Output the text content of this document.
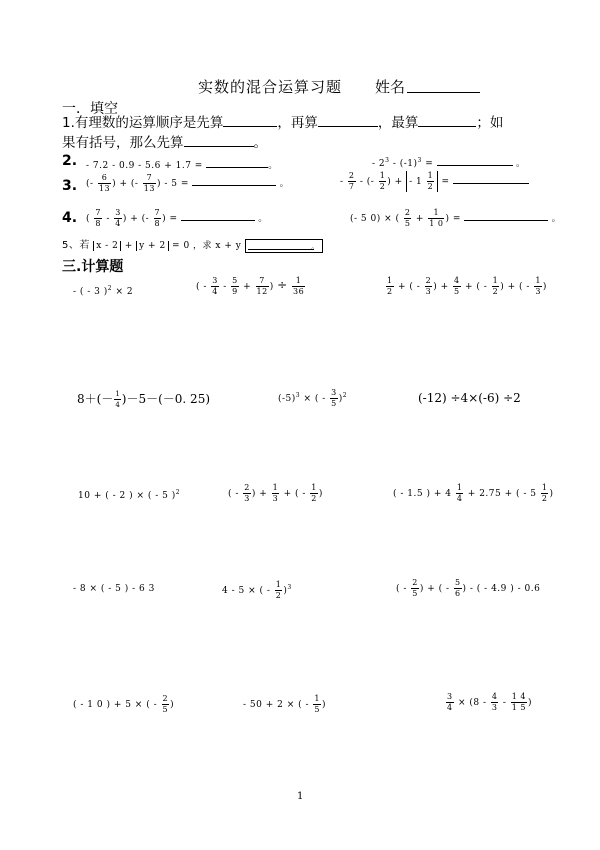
实数的混合运算习题 姓名
一．填空
1.有理数的运算顺序是先算	，再算	，最算	；如
果有括号，那么先算	。
2. - 7.2 - 0.9 - 5.6 + 1.7 =	。	- $2^3 - (-1)^3$ =	。
3. (- $\frac{6}{13}$ ) + (- $\frac{7}{13}$ ) - 5 =	。	- $\frac{2}{7}$ - (- $\frac{1}{2}$ ) + - $1 \frac{1}{2}$ =
4. ( $\frac{7}{8} - \frac{3}{4}$ ) + (- $\frac{7}{8}$ ) =	。	(- 5 0) × ( $\frac{2}{5} + \frac{1}{1 0}$ ) =	。
5、若 x - 2 + y + 2 = 0 ，求 x + y	。
三.计算题
- ( - 3 )$^2$ × 2	( - $\frac{3}{4} - \frac{5}{9} + \frac{7}{12}$ ) ÷ $\frac{1}{36}$	$\frac{1}{2}$ + ( - $\frac{2}{3}$ ) + $\frac{4}{5}$ + ( - $\frac{1}{2}$ ) + ( - $\frac{1}{3}$ )
$8+(- \frac{1}{4} )-5-(-0$. 25)	$(-5)^3$ × ( - $\frac{3}{5} )^2$	(-12) ÷4×(-6) ÷2
10 + ( - 2 ) × ( - 5 )$^2$	( - $\frac{2}{3}$ ) + $\frac{1}{3}$ + ( - $\frac{1}{2}$ )	( - 1.5 ) + $4 \frac{1}{4} + 2.75$ + ( - $5 \frac{1}{2}$ )
- 8 × ( - 5 ) - 6 3	4 - 5 × ( - $\frac{1}{2} )^3$	( - $\frac{2}{5}$ ) + ( - $\frac{5}{6}$ ) - ( - 4.9 ) - 0.6
( - 1 0 ) + 5 × ( - $\frac{2}{5}$ )	- 50 + 2 × ( - $\frac{1}{5}$ )	$\frac{3}{4} \times (8 - \frac{4}{3} - \frac{1 4}{1 5}$ )
1
